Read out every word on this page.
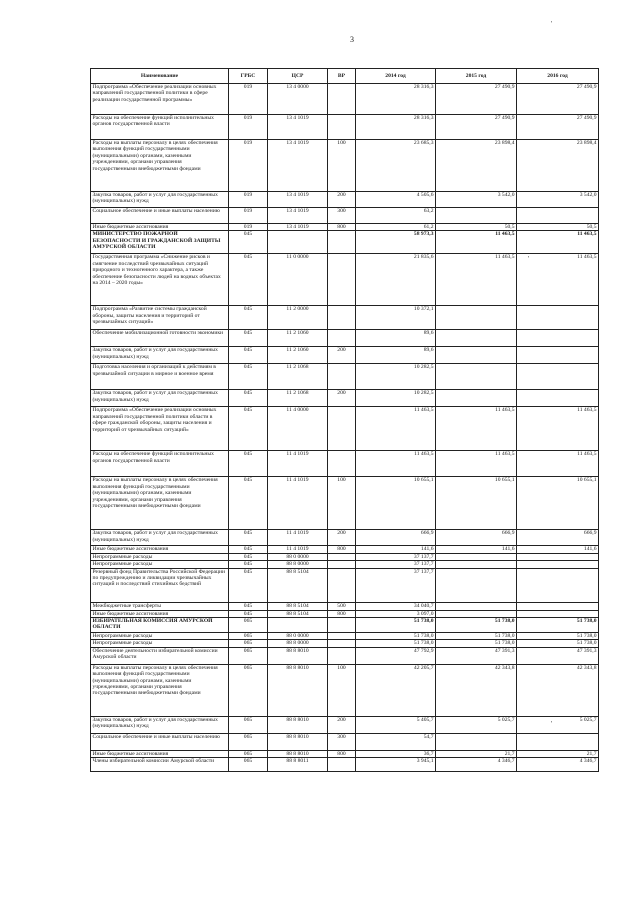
3
'
'
'
Наименование	ГРБС	ЦСР	ВР	2014 год	2015 год	2016 год
Подпрограмма «Обеспечение реализации основных направлений государственной политики в сфере реализации государственной программы»	019	13 4 0000		28 316,3	27 490,9	27 490,9
Расходы на обеспечение функций исполнительных органов государственной власти	019	13 4 1019		28 316,3	27 490,9	27 490,9
Расходы на выплаты персоналу в целях обеспечения выполнения функций государственными (муниципальными) органами, казенными учреждениями, органами управления государственными внебюджетными фондами	019	13 4 1019	100	23 685,3	23 898,4	23 898,4
Закупка товаров, работ и услуг для государственных (муниципальных) нужд	019	13 4 1019	200	4 505,6	3 542,0	3 542,0
Социальное обеспечение и иные выплаты населению	019	13 4 1019	300	63,2		
Иные бюджетные ассигнования	019	13 4 1019	800	61,2	50,5	50,5
МИНИСТЕРСТВО ПОЖАРНОЙ БЕЗОПАСНОСТИ И ГРАЖДАНСКОЙ ЗАЩИТЫ АМУРСКОЙ ОБЛАСТИ	045			58 973,3	11 463,5	11 463,5
Государственная программа «Снижение рисков и смягчение последствий чрезвычайных ситуаций природного и техногенного характера, а также обеспечение безопасности людей на водных объектах на 2014 – 2020 годы»	045	11 0 0000		21 835,6	11 463,5	11 463,5
Подпрограмма «Развитие системы гражданской обороны, защиты населения и территорий от чрезвычайных ситуаций»	045	11 2 0000		10 372,1		
Обеспечение мобилизационной готовности экономики	045	11 2 1060		89,6		
Закупка товаров, работ и услуг для государственных (муниципальных) нужд	045	11 2 1060	200	89,6		
Подготовка населения и организаций к действиям в чрезвычайной ситуации в мирное и военное время	045	11 2 1068		10 282,5		
Закупка товаров, работ и услуг для государственных (муниципальных) нужд	045	11 2 1068	200	10 282,5		
Подпрограмма «Обеспечение реализации основных направлений государственной политики области в сфере гражданской обороны, защиты населения и территорий от чрезвычайных ситуаций»	045	11 4 0000		11 463,5	11 463,5	11 463,5
Расходы на обеспечение функций исполнительных органов государственной власти	045	11 4 1019		11 463,5	11 463,5	11 463,5
Расходы на выплаты персоналу в целях обеспечения выполнения функций государственными (муниципальными) органами, казенными учреждениями, органами управления государственными внебюджетными фондами	045	11 4 1019	100	10 655,1	10 655,1	10 655,1
Закупка товаров, работ и услуг для государственных (муниципальных) нужд	045	11 4 1019	200	666,9	666,9	666,9
Иные бюджетные ассигнования	045	11 4 1019	800	141,6	141,6	141,6
Непрограммные расходы	045	88 0 0000		37 137,7		
Непрограммные расходы	045	88 8 0000		37 137,7		
Резервный фонд Правительства Российской Федерации по предупреждению и ликвидации чрезвычайных ситуаций и последствий стихийных бедствий	045	88 8 5104		37 137,7		
Межбюджетные трансферты	045	88 8 5104	500	34 040,7		
Иные бюджетные ассигнования	045	88 8 5104	800	3 097,0		
ИЗБИРАТЕЛЬНАЯ КОМИССИЯ АМУРСКОЙ ОБЛАСТИ	065			51 738,0	51 738,0	51 738,0
Непрограммные расходы	065	88 0 0000		51 738,0	51 738,0	51 738,0
Непрограммные расходы	065	88 8 0000		51 738,0	51 738,0	51 738,0
Обеспечение деятельности избирательной комиссии Амурской области	065	88 8 8010		47 792,9	47 391,3	47 391,3
Расходы на выплаты персоналу в целях обеспечения выполнения функций государственными (муниципальными) органами, казенными учреждениями, органами управления государственными внебюджетными фондами	065	88 8 8010	100	42 205,7	42 343,8	42 343,8
Закупка товаров, работ и услуг для государственных (муниципальных) нужд	065	88 8 8010	200	5 405,7	5 025,7	5 025,7
Социальное обеспечение и иные выплаты населению	065	88 8 8010	300	54,7		
Иные бюджетные ассигнования	065	88 8 8010	800	36,7	21,7	21,7
Члены избирательной комиссии Амурской области	065	88 8 8011		3 945,1	4 346,7	4 346,7
